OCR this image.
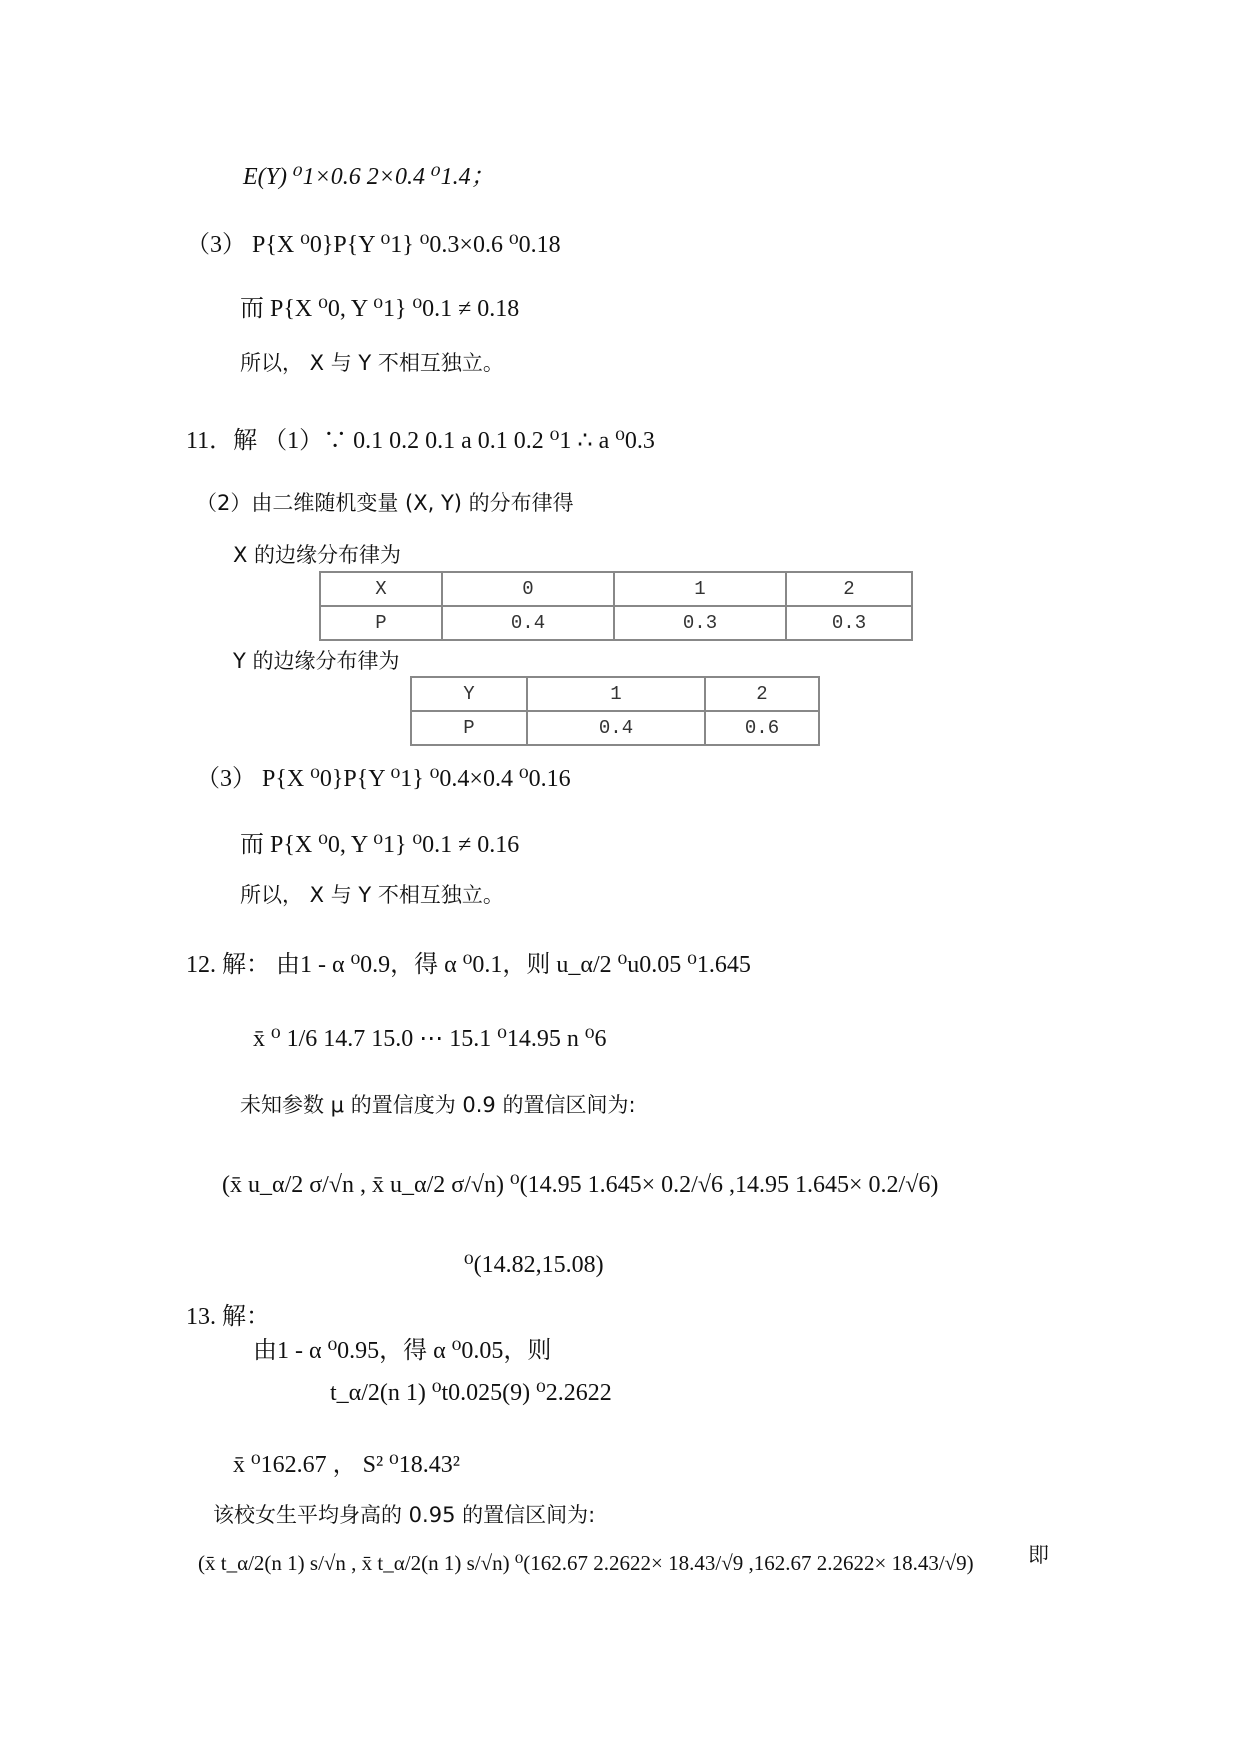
E(Y) ⁰1×0.6 2×0.4 ⁰1.4；
（3） P{X ⁰0}P{Y ⁰1} ⁰0.3×0.6 ⁰0.18
而 P{X ⁰0, Y ⁰1} ⁰0.1 ≠ 0.18
所以， X 与 Y 不相互独立。
11．解 （1）∵ 0.1 0.2 0.1 a 0.1 0.2 ⁰1 ∴ a ⁰0.3
（2）由二维随机变量 (X, Y) 的分布律得
X 的边缘分布律为
X	0	1	2
P	0.4	0.3	0.3
Y 的边缘分布律为
Y	1	2
P	0.4	0.6
（3） P{X ⁰0}P{Y ⁰1} ⁰0.4×0.4 ⁰0.16
而 P{X ⁰0, Y ⁰1} ⁰0.1 ≠ 0.16
所以， X 与 Y 不相互独立。
12. 解： 由1 - α ⁰0.9，得 α ⁰0.1，则 u_α/2 ⁰u0.05 ⁰1.645
x̄ ⁰ 1/6 14.7 15.0 ⋯ 15.1 ⁰14.95 n ⁰6
未知参数 μ 的置信度为 0.9 的置信区间为:
(x̄ u_α/2 σ/√n , x̄ u_α/2 σ/√n) ⁰(14.95 1.645× 0.2/√6 ,14.95 1.645× 0.2/√6)
⁰(14.82,15.08)
13. 解：
由1 - α ⁰0.95，得 α ⁰0.05，则
t_α/2(n 1) ⁰t0.025(9) ⁰2.2622
x̄ ⁰162.67 ， S² ⁰18.43²
该校女生平均身高的 0.95 的置信区间为:
(x̄ t_α/2(n 1) s/√n , x̄ t_α/2(n 1) s/√n) ⁰(162.67 2.2622× 18.43/√9 ,162.67 2.2622× 18.43/√9)	即
